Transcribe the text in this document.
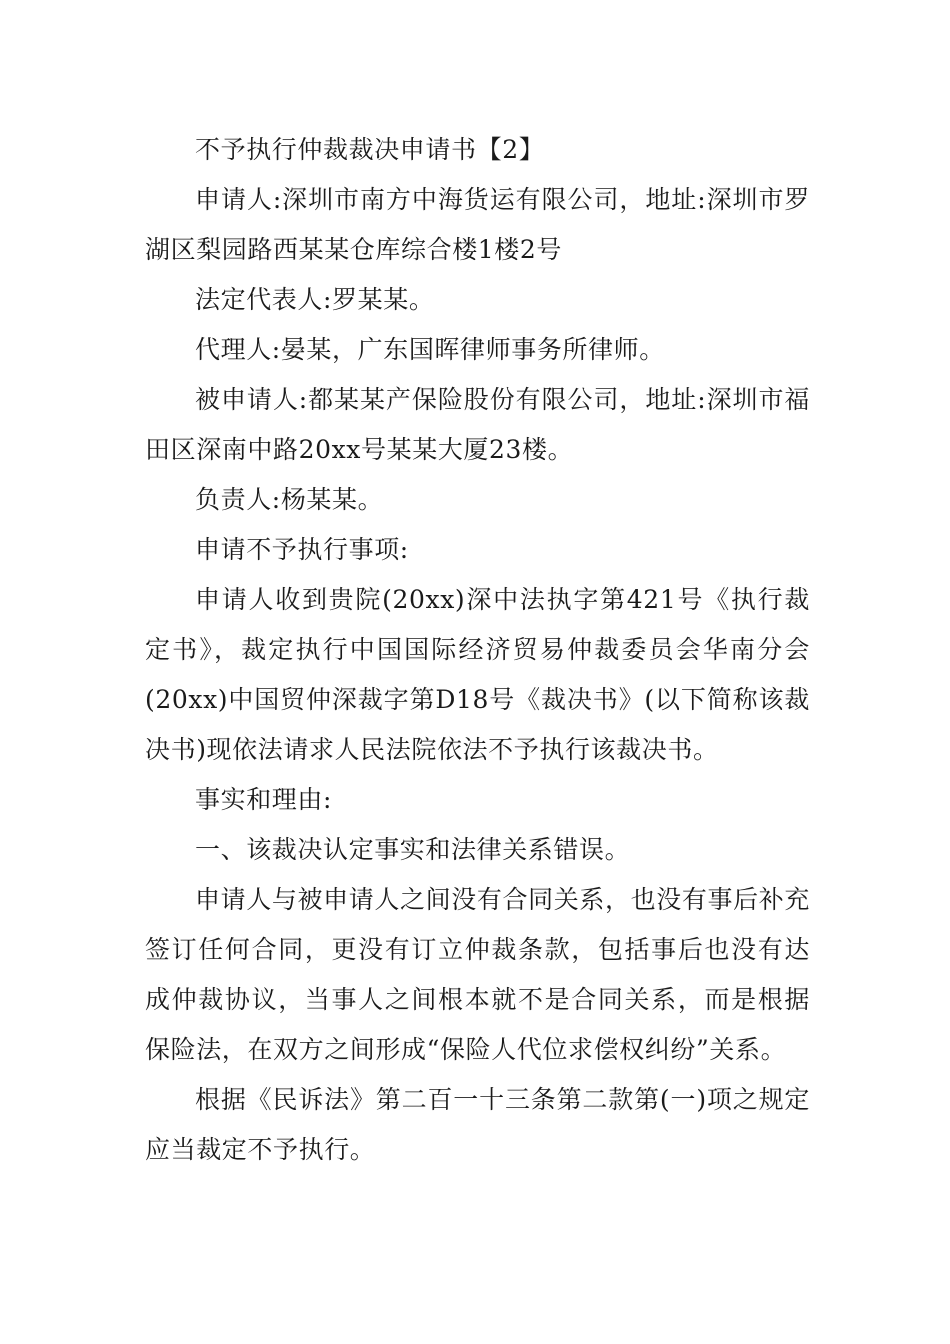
不予执行仲裁裁决申请书【2】

申请人:深圳市南方中海货运有限公司，地址:深圳市罗湖区梨园路西某某仓库综合楼1楼2号

法定代表人:罗某某。

代理人:晏某，广东国晖律师事务所律师。

被申请人:都某某产保险股份有限公司，地址:深圳市福田区深南中路20xx号某某大厦23楼。

负责人:杨某某。

申请不予执行事项:

申请人收到贵院(20xx)深中法执字第421号《执行裁定书》，裁定执行中国国际经济贸易仲裁委员会华南分会(20xx)中国贸仲深裁字第D18号《裁决书》(以下简称该裁决书)现依法请求人民法院依法不予执行该裁决书。

事实和理由:

一、该裁决认定事实和法律关系错误。

申请人与被申请人之间没有合同关系，也没有事后补充签订任何合同，更没有订立仲裁条款，包括事后也没有达成仲裁协议，当事人之间根本就不是合同关系，而是根据保险法，在双方之间形成“保险人代位求偿权纠纷”关系。

根据《民诉法》第二百一十三条第二款第(一)项之规定应当裁定不予执行。
